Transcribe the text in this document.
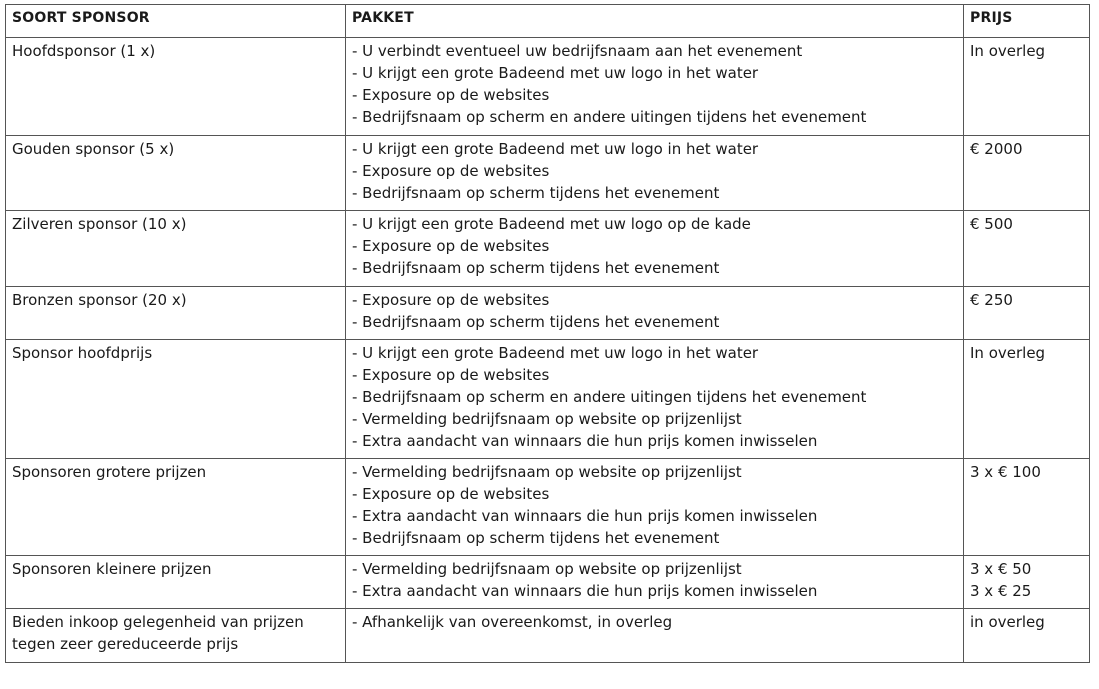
SOORT SPONSOR	PAKKET	PRIJS
Hoofdsponsor (1 x)	- U verbindt eventueel uw bedrijfsnaam aan het evenement
- U krijgt een grote Badeend met uw logo in het water
- Exposure op de websites
- Bedrijfsnaam op scherm en andere uitingen tijdens het evenement	In overleg

Gouden sponsor (5 x)	- U krijgt een grote Badeend met uw logo in het water
- Exposure op de websites
- Bedrijfsnaam op scherm tijdens het evenement	€ 2000

Zilveren sponsor (10 x)	- U krijgt een grote Badeend met uw logo op de kade
- Exposure op de websites
- Bedrijfsnaam op scherm tijdens het evenement	€ 500

Bronzen sponsor (20 x)	- Exposure op de websites
- Bedrijfsnaam op scherm tijdens het evenement	€ 250

Sponsor hoofdprijs	- U krijgt een grote Badeend met uw logo in het water
- Exposure op de websites
- Bedrijfsnaam op scherm en andere uitingen tijdens het evenement
- Vermelding bedrijfsnaam op website op prijzenlijst
- Extra aandacht van winnaars die hun prijs komen inwisselen	In overleg

Sponsoren grotere prijzen	- Vermelding bedrijfsnaam op website op prijzenlijst
- Exposure op de websites
- Extra aandacht van winnaars die hun prijs komen inwisselen
- Bedrijfsnaam op scherm tijdens het evenement	3 x € 100

Sponsoren kleinere prijzen	- Vermelding bedrijfsnaam op website op prijzenlijst
- Extra aandacht van winnaars die hun prijs komen inwisselen	3 x € 50
3 x € 25

Bieden inkoop gelegenheid van prijzen tegen zeer gereduceerde prijs	- Afhankelijk van overeenkomst, in overleg	in overleg
